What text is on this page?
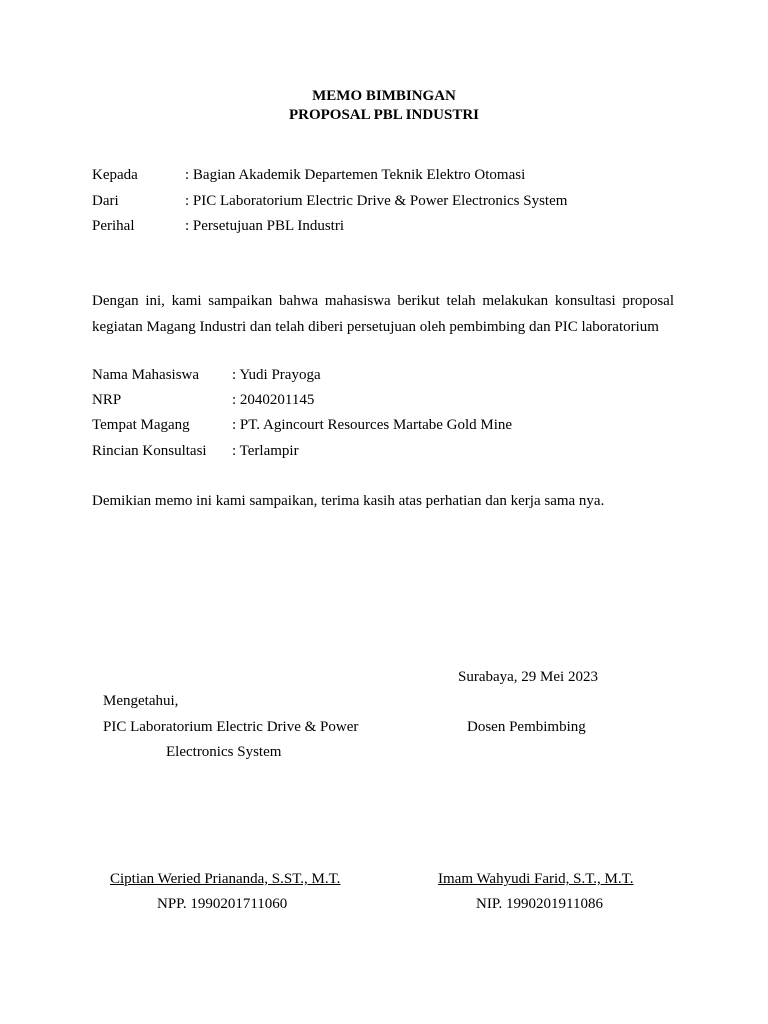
MEMO BIMBINGAN
PROPOSAL PBL INDUSTRI
Kepada	: Bagian Akademik Departemen Teknik Elektro Otomasi
Dari	: PIC Laboratorium Electric Drive & Power Electronics System
Perihal	: Persetujuan PBL Industri

Dengan ini, kami sampaikan bahwa mahasiswa berikut telah melakukan konsultasi proposal kegiatan Magang Industri dan telah diberi persetujuan oleh pembimbing dan PIC laboratorium

Nama Mahasiswa : Yudi Prayoga
NRP	: 2040201145
Tempat Magang	: PT. Agincourt Resources Martabe Gold Mine
Rincian Konsultasi : Terlampir
Demikian memo ini kami sampaikan, terima kasih atas perhatian dan kerja sama nya.
Surabaya, 29 Mei 2023
Mengetahui,
PIC Laboratorium Electric Drive & Power
Electronics System
Dosen Pembimbing
Ciptian Weried Priananda, S.ST., M.T.
NPP. 1990201711060
Imam Wahyudi Farid, S.T., M.T.
NIP. 1990201911086
